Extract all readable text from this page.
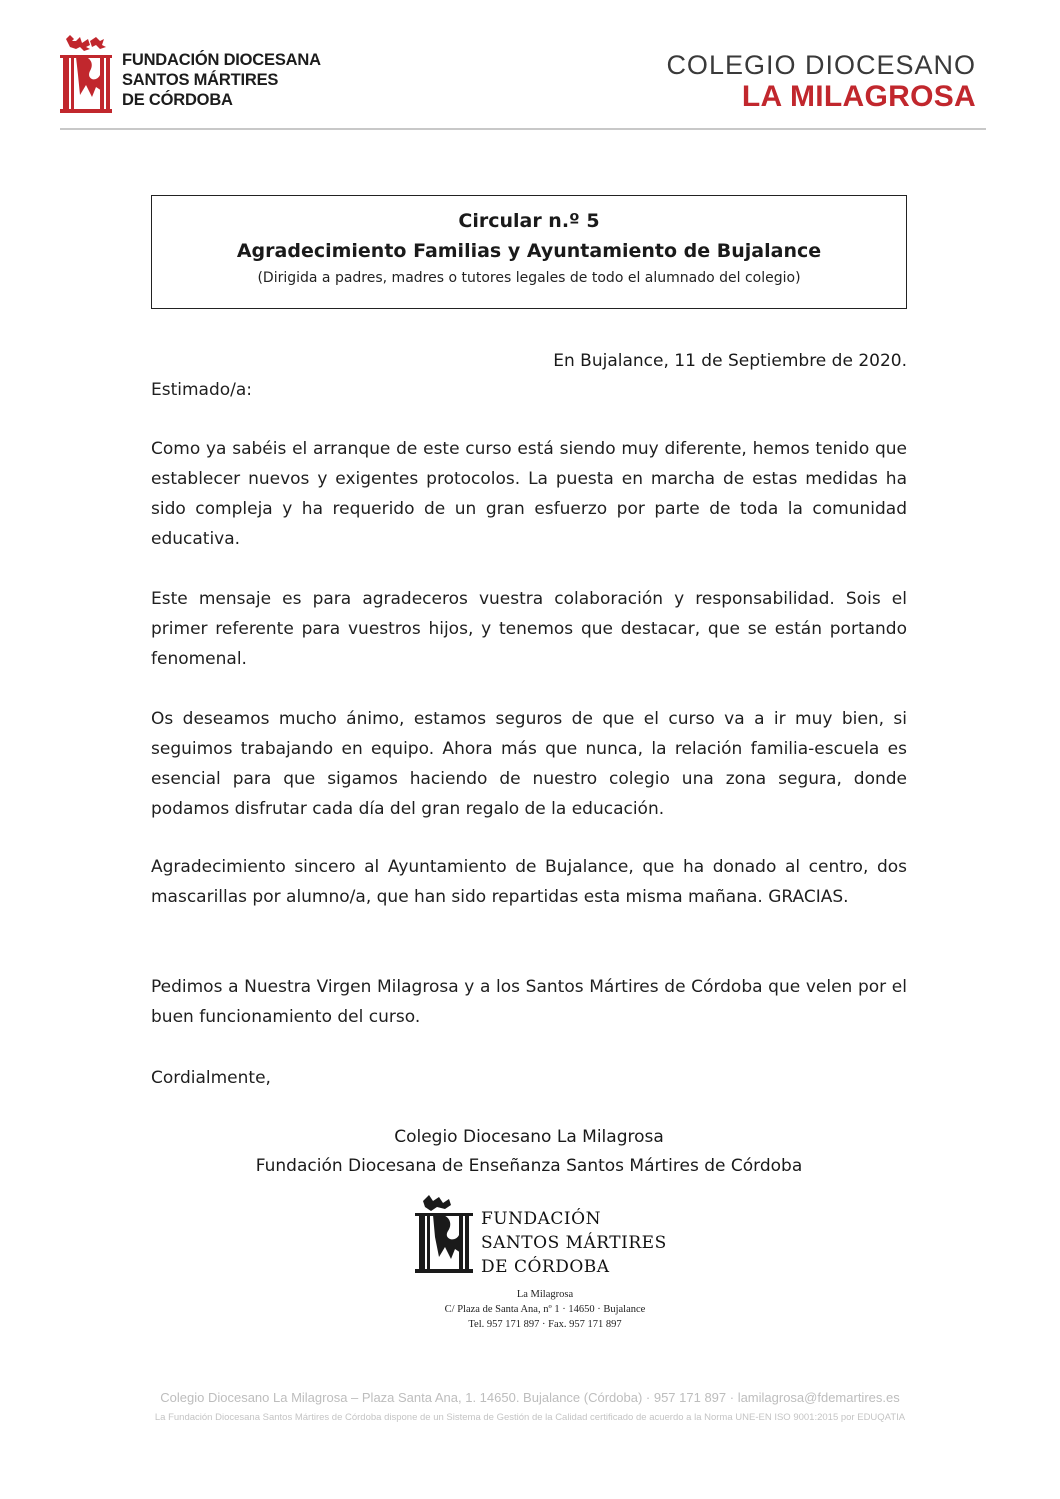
FUNDACIÓN DIOCESANA
SANTOS MÁRTIRES
DE CÓRDOBA
COLEGIO DIOCESANO
LA MILAGROSA
Circular n.º 5
Agradecimiento Familias y Ayuntamiento de Bujalance
(Dirigida a padres, madres o tutores legales de todo el alumnado del colegio)
En Bujalance, 11 de Septiembre de 2020.
Estimado/a:
Como ya sabéis el arranque de este curso está siendo muy diferente, hemos tenido que establecer nuevos y exigentes protocolos. La puesta en marcha de estas medidas ha sido compleja y ha requerido de un gran esfuerzo por parte de toda la comunidad educativa.
Este mensaje es para agradeceros vuestra colaboración y responsabilidad. Sois el primer referente para vuestros hijos, y tenemos que destacar, que se están portando fenomenal.
Os deseamos mucho ánimo, estamos seguros de que el curso va a ir muy bien, si seguimos trabajando en equipo. Ahora más que nunca, la relación familia-escuela es esencial para que sigamos haciendo de nuestro colegio una zona segura, donde podamos disfrutar cada día del gran regalo de la educación.
Agradecimiento sincero al Ayuntamiento de Bujalance, que ha donado al centro, dos mascarillas por alumno/a, que han sido repartidas esta misma mañana. GRACIAS.
Pedimos a Nuestra Virgen Milagrosa y a los Santos Mártires de Córdoba que velen por el buen funcionamiento del curso.
Cordialmente,
Colegio Diocesano La Milagrosa
Fundación Diocesana de Enseñanza Santos Mártires de Córdoba
FUNDACIÓN
SANTOS MÁRTIRES
DE CÓRDOBA
La Milagrosa
C/ Plaza de Santa Ana, nº 1 · 14650 · Bujalance
Tel. 957 171 897 · Fax. 957 171 897
Colegio Diocesano La Milagrosa – Plaza Santa Ana, 1. 14650. Bujalance (Córdoba) · 957 171 897 · lamilagrosa@fdemartires.es
La Fundación Diocesana Santos Mártires de Córdoba dispone de un Sistema de Gestión de la Calidad certificado de acuerdo a la Norma UNE-EN ISO 9001:2015 por EDUQATIA
